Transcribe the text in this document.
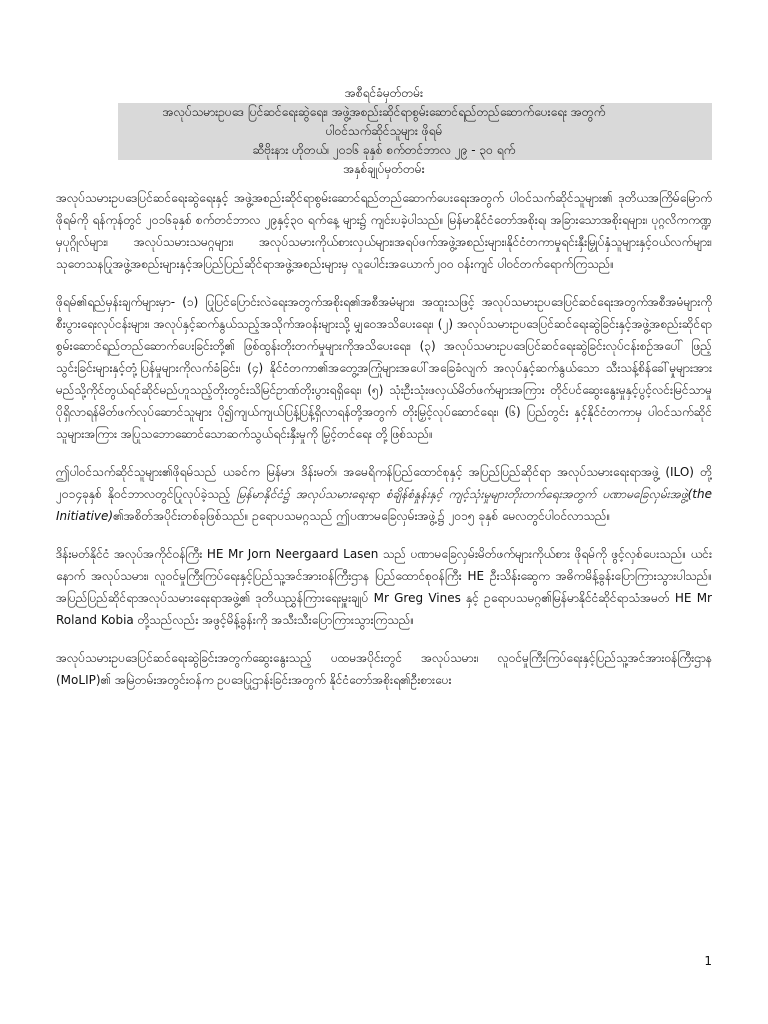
အစီရင်ခံမှတ်တမ်း

အလုပ်သမားဥပဒေ ပြင်ဆင်ရေးဆွဲရေး၊ အဖွဲ့အစည်းဆိုင်ရာစွမ်းဆောင်ရည်တည်ဆောက်ပေးရေး အတွက်

ပါဝင်သက်ဆိုင်သူများ ဖိုရမ်

ဆီဗိုးနား ဟိုတယ်၊ ၂၀၁၆ ခုနှစ် စက်တင်ဘာလ ၂၉ - ၃၀ ရက်

အနှစ်ချုပ်မှတ်တမ်း

အလုပ်သမားဥပဒေပြင်ဆင်ရေးဆွဲရေးနှင့် အဖွဲ့အစည်းဆိုင်ရာစွမ်းဆောင်ရည်တည်ဆောက်ပေးရေးအတွက် ပါဝင်သက်ဆိုင်သူများ၏ ဒုတိယအကြိမ်မြောက်ဖိုရမ်ကို ရန်ကုန်တွင် ၂၀၁၆ခုနှစ် စက်တင်ဘာလ ၂၉နှင့်၃၀ ရက်နေ့ များ၌ ကျင်းပခဲ့ပါသည်။ မြန်မာနိုင်ငံတော်အစိုးရ၊ အခြားသောအစိုးရများ၊ ပုဂ္ဂလိကကဏ္ဍမှပုဂ္ဂိုလ်များ၊ အလုပ်သမားသမဂ္ဂများ၊ အလုပ်သမားကိုယ်စားလှယ်များ၊အရပ်ဖက်အဖွဲ့အစည်းများ၊နိုင်ငံတကာမှုရင်းနှီးမြှုပ်နှံသူများနှင့်ဝယ်လက်များ၊ သုတေသနပြုအဖွဲ့အစည်းများနှင့်အပြည်ပြည်ဆိုင်ရာအဖွဲ့အစည်းများမှ လူပေါင်းအယောက်၂၀၀ ဝန်းကျင် ပါဝင်တက်ရောက်ကြသည်။

ဖိုရမ်၏ရည်မှန်းချက်များမှာ- (၁) ပြုပြင်ပြောင်းလဲရေးအတွက်အစိုးရ၏အစီအမံများ၊ အထူးသဖြင့် အလုပ်သမားဥပဒေပြင်ဆင်ရေးအတွက်အစီအမံများကို စီးပွားရေးလုပ်ငန်းများ၊ အလုပ်နှင့်ဆက်နွယ်သည့်အသိုက်အဝန်းများသို့ မျှဝေအသိပေးရေး၊ (၂) အလုပ်သမားဥပဒေပြင်ဆင်ရေးဆွဲခြင်းနှင့်အဖွဲ့အစည်းဆိုင်ရာစွမ်းဆောင်ရည်တည်ဆောက်ပေးခြင်းတို့၏ ဖြစ်ထွန်းတိုးတက်မှုများကိုအသိပေးရေး၊ (၃) အလုပ်သမားဥပဒေပြင်ဆင်ရေးဆွဲခြင်းလုပ်ငန်းစဉ်အပေါ် ဖြည့်သွင်းခြင်းများနှင့်တုံ့ပြန်မှုများကိုလက်ခံခြင်း၊ (၄) နိုင်ငံတကာ၏အတွေ့အကြုံများအပေါ်အခြေခံလျက် အလုပ်နှင့်ဆက်နွယ်သော သီးသန့်စိန်ခေါ်မှုများအား မည်သို့ကိုင်တွယ်ရင်ဆိုင်မည်ဟူသည့်တိုးတွင်းသိမြင်ဥာဏ်တိုးပွားရရှိရေး၊ (၅) သုံးဦးသုံးဖလှယ်မိတ်ဖက်များအကြား တိုင်ပင်ဆွေးနွေးမှုနှင့်ပွင့်လင်းမြင်သာမှု ပိုရှိလာရန်မိတ်ဖက်လုပ်ဆောင်သူများ ပို၍ကျယ်ကျယ်ပြန့်ပြန့်ရှိလာရန်တို့အတွက် တိုးမြှင့်လုပ်ဆောင်ရေး၊ (၆) ပြည်တွင်း နှင့်နိုင်ငံတကာမှ ပါဝင်သက်ဆိုင်သူများအကြား အပြုသဘောဆောင်သောဆက်သွယ်ရင်းနှီးမှုကို မြှင့်တင်ရေး တို့ဖြစ်သည်။

ဤပါဝင်သက်ဆိုင်သူများ၏ဖိုရမ်သည် ယခင်က မြန်မာ၊ ဒိန်းမတ်၊ အမေရိကန်ပြည်ထောင်စုနှင့် အပြည်ပြည်ဆိုင်ရာ အလုပ်သမားရေးရာအဖွဲ့ (ILO) တို့ ၂၀၁၄ခုနှစ် နိုဝင်ဘာလတွင်ပြုလုပ်ခဲ့သည့် မြန်မာနိုင်ငံ၌ အလုပ်သမားရေးရာ စံချိန်စံနှုန်းနှင့် ကျင့်သုံးမှုများတိုးတက်ရေးအတွက် ပဏာမခြေလှမ်းအဖွဲ့(the Initiative)၏အစိတ်အပိုင်းတစ်ခုဖြစ်သည်။ ဥရောပသမဂ္ဂသည် ဤပဏာမခြေလှမ်းအဖွဲ့၌ ၂၀၁၅ ခုနှစ် မေလတွင်ပါဝင်လာသည်။

ဒိန်းမတ်နိုင်ငံ အလုပ်အကိုင်ဝန်ကြီး HE Mr Jorn Neergaard Lasen သည် ပဏာမခြေလှမ်းမိတ်ဖက်များကိုယ်စား ဖိုရမ်ကို ဖွင့်လှစ်ပေးသည်။ ယင်းနောက် အလုပ်သမား၊ လူဝင်မှုကြီးကြပ်ရေးနှင့်ပြည်သူ့အင်အားဝန်ကြီးဌာန ပြည်ထောင်စုဝန်ကြီး HE ဦးသိန်းဆွေက အဓိကမိန့်ခွန်းပြောကြားသွားပါသည်။ အပြည်ပြည်ဆိုင်ရာအလုပ်သမားရေးရာအဖွဲ့၏ ဒုတိယညွှန်ကြားရေးမှူးချုပ် Mr Greg Vines နှင့် ဥရောပသမဂ္ဂ၏မြန်မာနိုင်ငံဆိုင်ရာသံအမတ် HE Mr Roland Kobia တို့သည်လည်း အဖွင့်မိန့်ခွန်းကို အသီးသီးပြောကြားသွားကြသည်။

အလုပ်သမားဥပဒေပြင်ဆင်ရေးဆွဲခြင်းအတွက်ဆွေးနွေးသည့် ပထမအပိုင်းတွင် အလုပ်သမား၊ လူဝင်မှုကြီးကြပ်ရေးနှင့်ပြည်သူ့အင်အားဝန်ကြီးဌာန (MoLIP)၏ အမြဲတမ်းအတွင်းဝန်က ဥပဒေပြုဌာန်းခြင်းအတွက် နိုင်ငံတော်အစိုးရ၏ဦးစားပေး

1
